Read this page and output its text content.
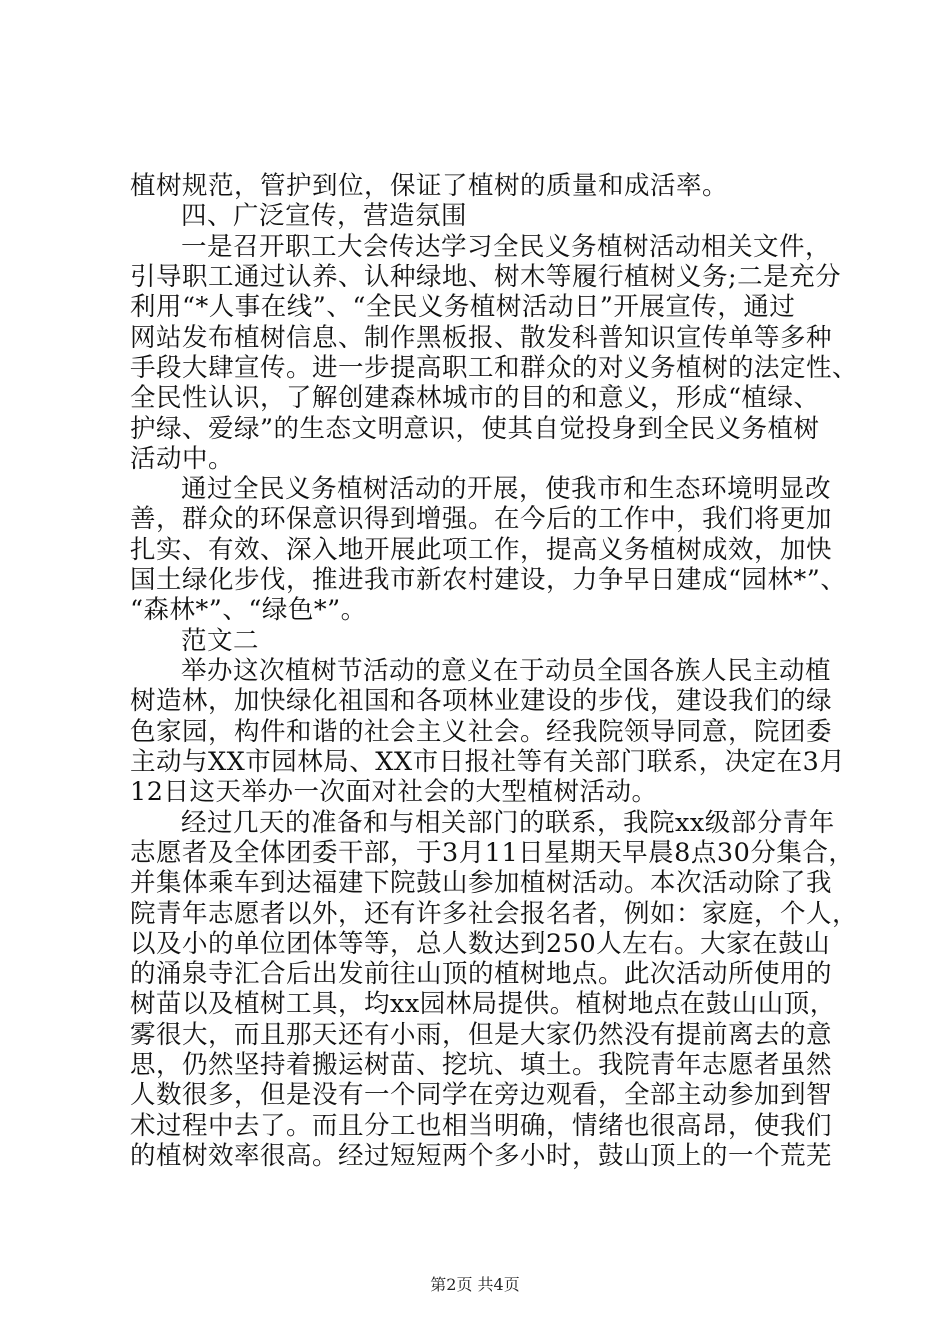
植树规范，管护到位，保证了植树的质量和成活率。
四、广泛宣传，营造氛围
一是召开职工大会传达学习全民义务植树活动相关文件，
引导职工通过认养、认种绿地、树木等履行植树义务;二是充分
利用“*人事在线”、“全民义务植树活动日”开展宣传，通过
网站发布植树信息、制作黑板报、散发科普知识宣传单等多种
手段大肆宣传。进一步提高职工和群众的对义务植树的法定性、
全民性认识，了解创建森林城市的目的和意义，形成“植绿、
护绿、爱绿”的生态文明意识，使其自觉投身到全民义务植树
活动中。
通过全民义务植树活动的开展，使我市和生态环境明显改
善，群众的环保意识得到增强。在今后的工作中，我们将更加
扎实、有效、深入地开展此项工作，提高义务植树成效，加快
国土绿化步伐，推进我市新农村建设，力争早日建成“园林*”、
“森林*”、“绿色*”。
范文二
举办这次植树节活动的意义在于动员全国各族人民主动植
树造林，加快绿化祖国和各项林业建设的步伐，建设我们的绿
色家园，构件和谐的社会主义社会。经我院领导同意，院团委
主动与XX市园林局、XX市日报社等有关部门联系，决定在3月
12日这天举办一次面对社会的大型植树活动。
经过几天的准备和与相关部门的联系，我院xx级部分青年
志愿者及全体团委干部，于3月11日星期天早晨8点30分集合，
并集体乘车到达福建下院鼓山参加植树活动。本次活动除了我
院青年志愿者以外，还有许多社会报名者，例如：家庭，个人，
以及小的单位团体等等，总人数达到250人左右。大家在鼓山
的涌泉寺汇合后出发前往山顶的植树地点。此次活动所使用的
树苗以及植树工具，均xx园林局提供。植树地点在鼓山山顶，
雾很大，而且那天还有小雨，但是大家仍然没有提前离去的意
思，仍然坚持着搬运树苗、挖坑、填土。我院青年志愿者虽然
人数很多，但是没有一个同学在旁边观看，全部主动参加到智
术过程中去了。而且分工也相当明确，情绪也很高昂，使我们
的植树效率很高。经过短短两个多小时，鼓山顶上的一个荒芜
第2页 共4页
